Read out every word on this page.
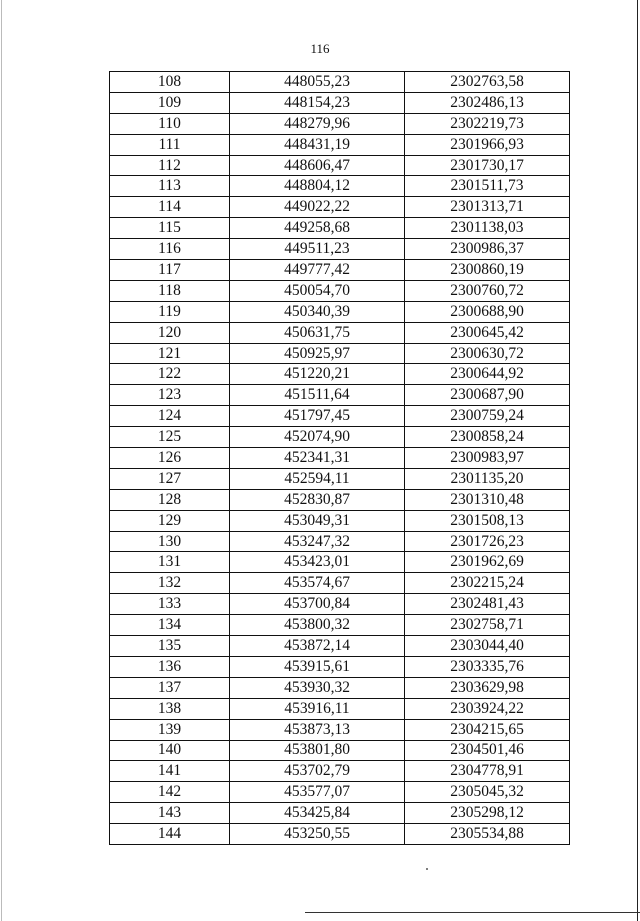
116
108	448055,23	2302763,58
109	448154,23	2302486,13
110	448279,96	2302219,73
111	448431,19	2301966,93
112	448606,47	2301730,17
113	448804,12	2301511,73
114	449022,22	2301313,71
115	449258,68	2301138,03
116	449511,23	2300986,37
117	449777,42	2300860,19
118	450054,70	2300760,72
119	450340,39	2300688,90
120	450631,75	2300645,42
121	450925,97	2300630,72
122	451220,21	2300644,92
123	451511,64	2300687,90
124	451797,45	2300759,24
125	452074,90	2300858,24
126	452341,31	2300983,97
127	452594,11	2301135,20
128	452830,87	2301310,48
129	453049,31	2301508,13
130	453247,32	2301726,23
131	453423,01	2301962,69
132	453574,67	2302215,24
133	453700,84	2302481,43
134	453800,32	2302758,71
135	453872,14	2303044,40
136	453915,61	2303335,76
137	453930,32	2303629,98
138	453916,11	2303924,22
139	453873,13	2304215,65
140	453801,80	2304501,46
141	453702,79	2304778,91
142	453577,07	2305045,32
143	453425,84	2305298,12
144	453250,55	2305534,88
